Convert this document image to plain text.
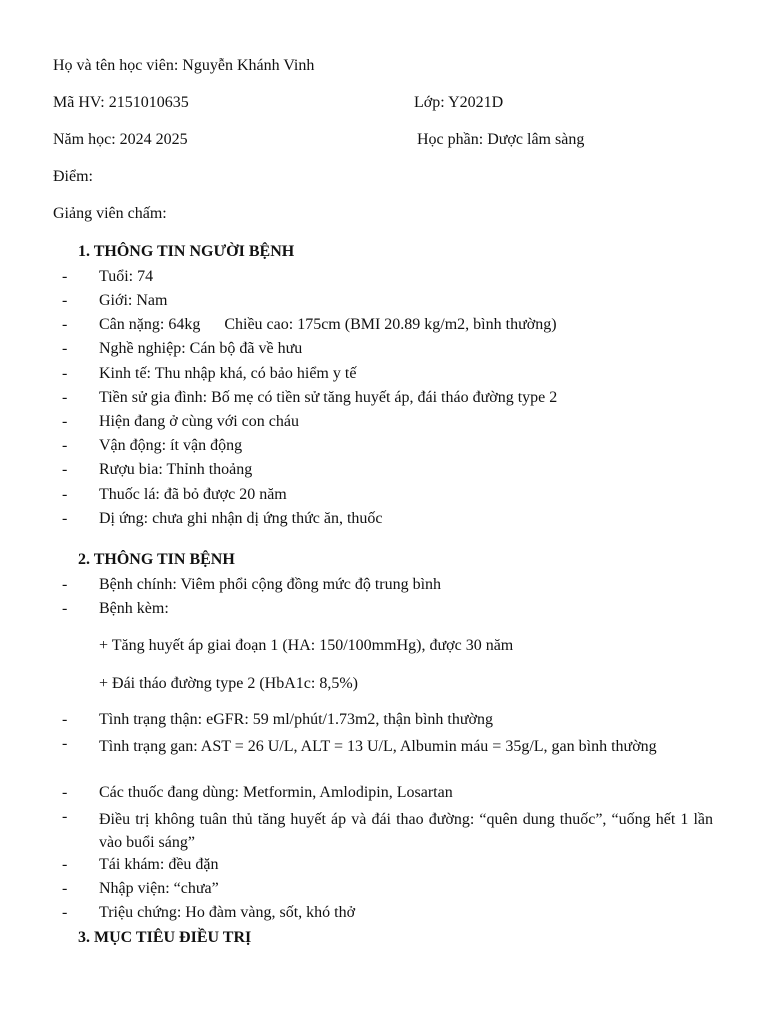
Họ và tên học viên: Nguyễn Khánh Vinh
Mã HV: 2151010635	Lớp: Y2021D
Năm học: 2024 2025	Học phần: Dược lâm sàng
Điểm:
Giảng viên chấm:
1. THÔNG TIN NGƯỜI BỆNH
- Tuổi: 74
- Giới: Nam
- Cân nặng: 64kg      Chiều cao: 175cm (BMI 20.89 kg/m2, bình thường)
- Nghề nghiệp: Cán bộ đã về hưu
- Kinh tế: Thu nhập khá, có bảo hiểm y tế
- Tiền sử gia đình: Bố mẹ có tiền sử tăng huyết áp, đái tháo đường type 2
- Hiện đang ở cùng với con cháu
- Vận động: ít vận động
- Rượu bia: Thỉnh thoảng
- Thuốc lá: đã bỏ được 20 năm
- Dị ứng: chưa ghi nhận dị ứng thức ăn, thuốc
2. THÔNG TIN BỆNH
- Bệnh chính: Viêm phổi cộng đồng mức độ trung bình
- Bệnh kèm:
+ Tăng huyết áp giai đoạn 1 (HA: 150/100mmHg), được 30 năm
+ Đái tháo đường type 2 (HbA1c: 8,5%)
- Tình trạng thận: eGFR: 59 ml/phút/1.73m2, thận bình thường
- Tình trạng gan: AST = 26 U/L, ALT = 13 U/L, Albumin máu = 35g/L, gan bình thường
- Các thuốc đang dùng: Metformin, Amlodipin, Losartan
- Điều trị không tuân thủ tăng huyết áp và đái thao đường: “quên dung thuốc”, “uống hết 1 lần vào buổi sáng”
- Tái khám: đều đặn
- Nhập viện: “chưa”
- Triệu chứng: Ho đàm vàng, sốt, khó thở
3. MỤC TIÊU ĐIỀU TRỊ
